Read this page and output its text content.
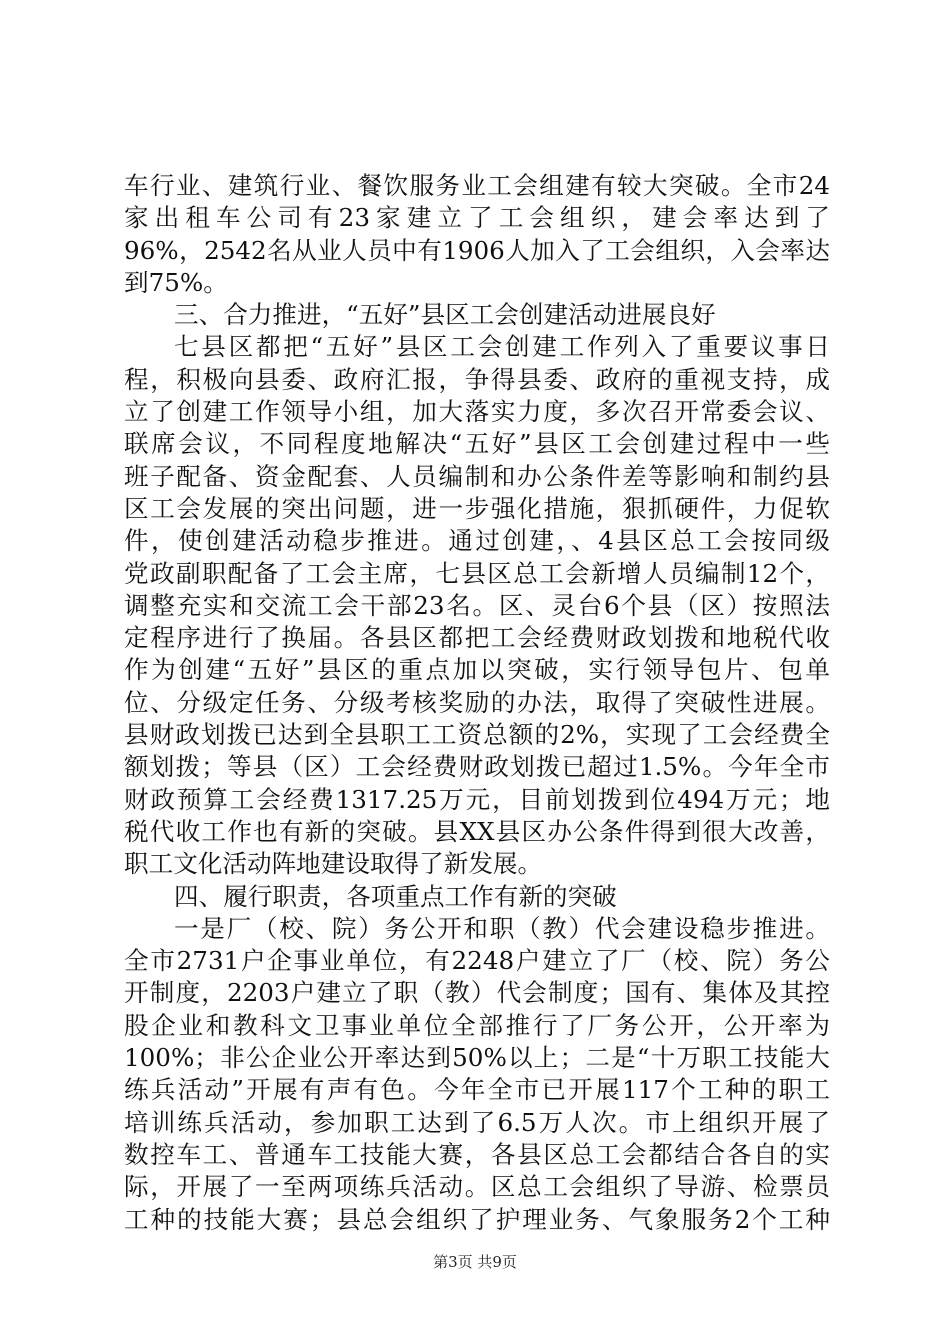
车行业、建筑行业、餐饮服务业工会组建有较大突破。全市24
家出租车公司有23家建立了工会组织，建会率达到了
96%，2542名从业人员中有1906人加入了工会组织，入会率达
到75%。
三、合力推进，“五好”县区工会创建活动进展良好
七县区都把“五好”县区工会创建工作列入了重要议事日
程，积极向县委、政府汇报，争得县委、政府的重视支持，成
立了创建工作领导小组，加大落实力度，多次召开常委会议、
联席会议，不同程度地解决“五好”县区工会创建过程中一些
班子配备、资金配套、人员编制和办公条件差等影响和制约县
区工会发展的突出问题，进一步强化措施，狠抓硬件，力促软
件，使创建活动稳步推进。通过创建，、4县区总工会按同级
党政副职配备了工会主席，七县区总工会新增人员编制12个，
调整充实和交流工会干部23名。区、灵台6个县（区）按照法
定程序进行了换届。各县区都把工会经费财政划拨和地税代收
作为创建“五好”县区的重点加以突破，实行领导包片、包单
位、分级定任务、分级考核奖励的办法，取得了突破性进展。
县财政划拨已达到全县职工工资总额的2%，实现了工会经费全
额划拨；等县（区）工会经费财政划拨已超过1.5%。今年全市
财政预算工会经费1317.25万元，目前划拨到位494万元；地
税代收工作也有新的突破。县XX县区办公条件得到很大改善，
职工文化活动阵地建设取得了新发展。
四、履行职责，各项重点工作有新的突破
一是厂（校、院）务公开和职（教）代会建设稳步推进。
全市2731户企事业单位，有2248户建立了厂（校、院）务公
开制度，2203户建立了职（教）代会制度；国有、集体及其控
股企业和教科文卫事业单位全部推行了厂务公开，公开率为
100%；非公企业公开率达到50%以上；二是“十万职工技能大
练兵活动”开展有声有色。今年全市已开展117个工种的职工
培训练兵活动，参加职工达到了6.5万人次。市上组织开展了
数控车工、普通车工技能大赛，各县区总工会都结合各自的实
际，开展了一至两项练兵活动。区总工会组织了导游、检票员
工种的技能大赛；县总会组织了护理业务、气象服务2个工种
第3页 共9页
